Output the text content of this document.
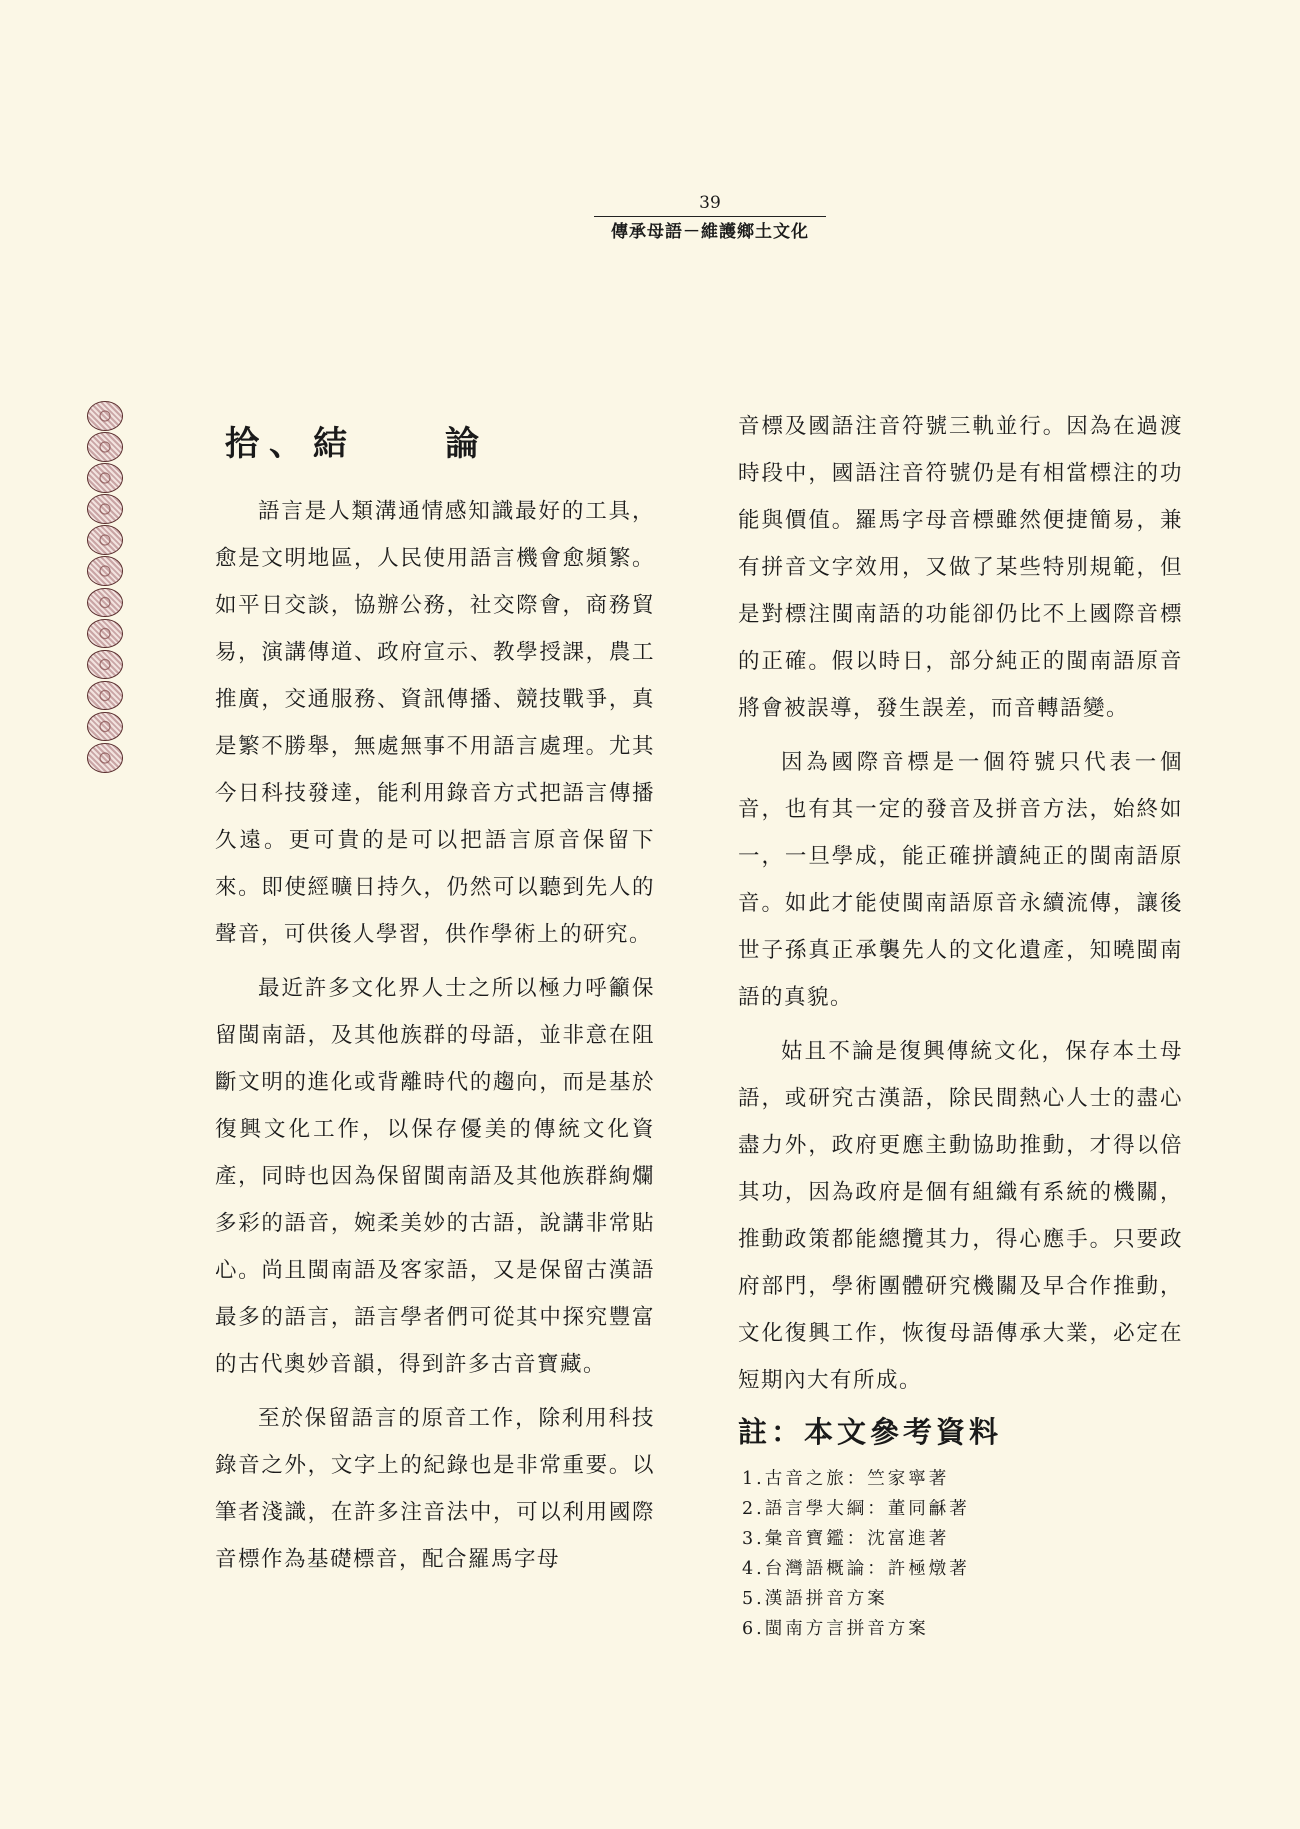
39
傳承母語－維護鄉土文化
拾、結　　論

語言是人類溝通情感知識最好的工具，愈是文明地區，人民使用語言機會愈頻繁。如平日交談，協辦公務，社交際會，商務貿易，演講傳道、政府宣示、教學授課，農工推廣，交通服務、資訊傳播、競技戰爭，真是繁不勝舉，無處無事不用語言處理。尤其今日科技發達，能利用錄音方式把語言傳播久遠。更可貴的是可以把語言原音保留下來。即使經曠日持久，仍然可以聽到先人的聲音，可供後人學習，供作學術上的研究。

最近許多文化界人士之所以極力呼籲保留閩南語，及其他族群的母語，並非意在阻斷文明的進化或背離時代的趨向，而是基於復興文化工作，以保存優美的傳統文化資產，同時也因為保留閩南語及其他族群絢爛多彩的語音，婉柔美妙的古語，說講非常貼心。尚且閩南語及客家語，又是保留古漢語最多的語言，語言學者們可從其中探究豐富的古代奧妙音韻，得到許多古音寶藏。

至於保留語言的原音工作，除利用科技錄音之外，文字上的紀錄也是非常重要。以筆者淺識，在許多注音法中，可以利用國際音標作為基礎標音，配合羅馬字母

音標及國語注音符號三軌並行。因為在過渡時段中，國語注音符號仍是有相當標注的功能與價值。羅馬字母音標雖然便捷簡易，兼有拼音文字效用，又做了某些特別規範，但是對標注閩南語的功能卻仍比不上國際音標的正確。假以時日，部分純正的閩南語原音將會被誤導，發生誤差，而音轉語變。

因為國際音標是一個符號只代表一個音，也有其一定的發音及拼音方法，始終如一，一旦學成，能正確拼讀純正的閩南語原音。如此才能使閩南語原音永續流傳，讓後世子孫真正承襲先人的文化遺產，知曉閩南語的真貌。

姑且不論是復興傳統文化，保存本土母語，或研究古漢語，除民間熱心人士的盡心盡力外，政府更應主動協助推動，才得以倍其功，因為政府是個有組織有系統的機關，推動政策都能總攬其力，得心應手。只要政府部門，學術團體研究機關及早合作推動，文化復興工作，恢復母語傳承大業，必定在短期內大有所成。

註：本文參考資料
1.古音之旅：竺家寧著
2.語言學大綱：董同龢著
3.彙音寶鑑：沈富進著
4.台灣語概論：許極燉著
5.漢語拼音方案
6.閩南方言拼音方案
